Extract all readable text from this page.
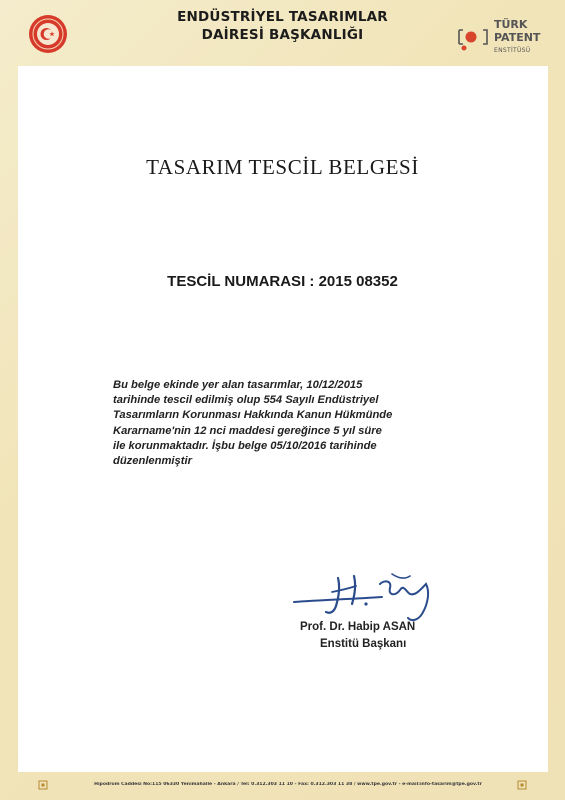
ENDÜSTRİYEL TASARIMLAR
DAİRESİ BAŞKANLIĞI
TÜRK
PATENT
ENSTİTÜSÜ
TASARIM TESCİL BELGESİ
TESCİL NUMARASI : 2015 08352
Bu belge ekinde yer alan tasarımlar, 10/12/2015
tarihinde tescil edilmiş olup 554 Sayılı Endüstriyel
Tasarımların Korunması Hakkında Kanun Hükmünde
Kararname'nin 12 nci maddesi gereğince 5 yıl süre
ile korunmaktadır. İşbu belge 05/10/2016 tarihinde
düzenlenmiştir
Prof. Dr. Habip ASAN
Enstitü Başkanı
Hipodrom Caddesi No:115 06330 Yenimahalle - Ankara / Tel: 0.312.303 11 10 - Fax: 0.312.303 11 38 / www.tpe.gov.tr - e-mail:info-tasarim@tpe.gov.tr
